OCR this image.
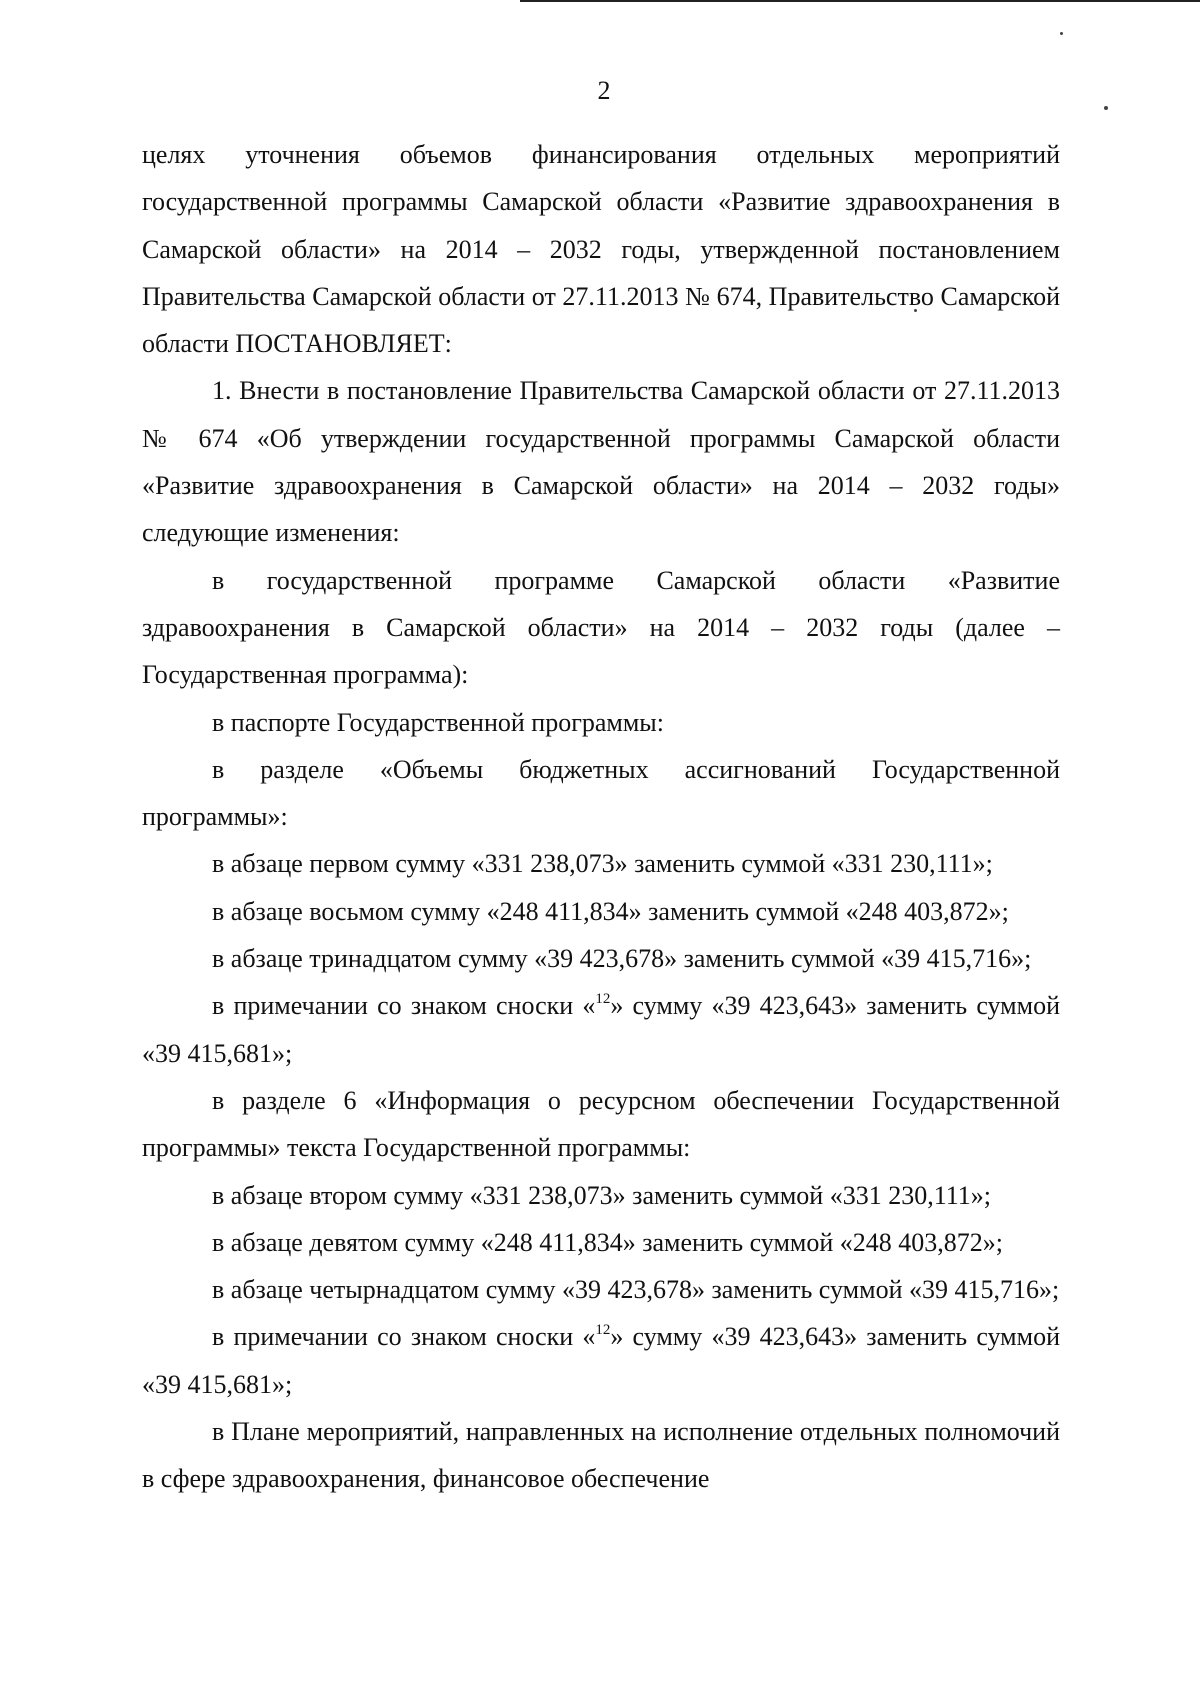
2

целях уточнения объемов финансирования отдельных мероприятий государственной программы Самарской области «Развитие здравоохранения в Самарской области» на 2014 – 2032 годы, утвержденной постановлением Правительства Самарской области от 27.11.2013 № 674, Правительство Самарской области ПОСТАНОВЛЯЕТ:

1. Внести в постановление Правительства Самарской области от 27.11.2013 № 674 «Об утверждении государственной программы Самарской области «Развитие здравоохранения в Самарской области» на 2014 – 2032 годы» следующие изменения:

в государственной программе Самарской области «Развитие здравоохранения в Самарской области» на 2014 – 2032 годы (далее – Государственная программа):

в паспорте Государственной программы:

в разделе «Объемы бюджетных ассигнований Государственной программы»:

в абзаце первом сумму «331 238,073» заменить суммой «331 230,111»;

в абзаце восьмом сумму «248 411,834» заменить суммой «248 403,872»;

в абзаце тринадцатом сумму «39 423,678» заменить суммой «39 415,716»;

в примечании со знаком сноски «$^{12}$» сумму «39 423,643» заменить суммой «39 415,681»;

в разделе 6 «Информация о ресурсном обеспечении Государственной программы» текста Государственной программы:

в абзаце втором сумму «331 238,073» заменить суммой «331 230,111»;

в абзаце девятом сумму «248 411,834» заменить суммой «248 403,872»;

в абзаце четырнадцатом сумму «39 423,678» заменить суммой «39 415,716»;

в примечании со знаком сноски «$^{12}$» сумму «39 423,643» заменить суммой «39 415,681»;

в Плане мероприятий, направленных на исполнение отдельных полномочий в сфере здравоохранения, финансовое обеспечение
